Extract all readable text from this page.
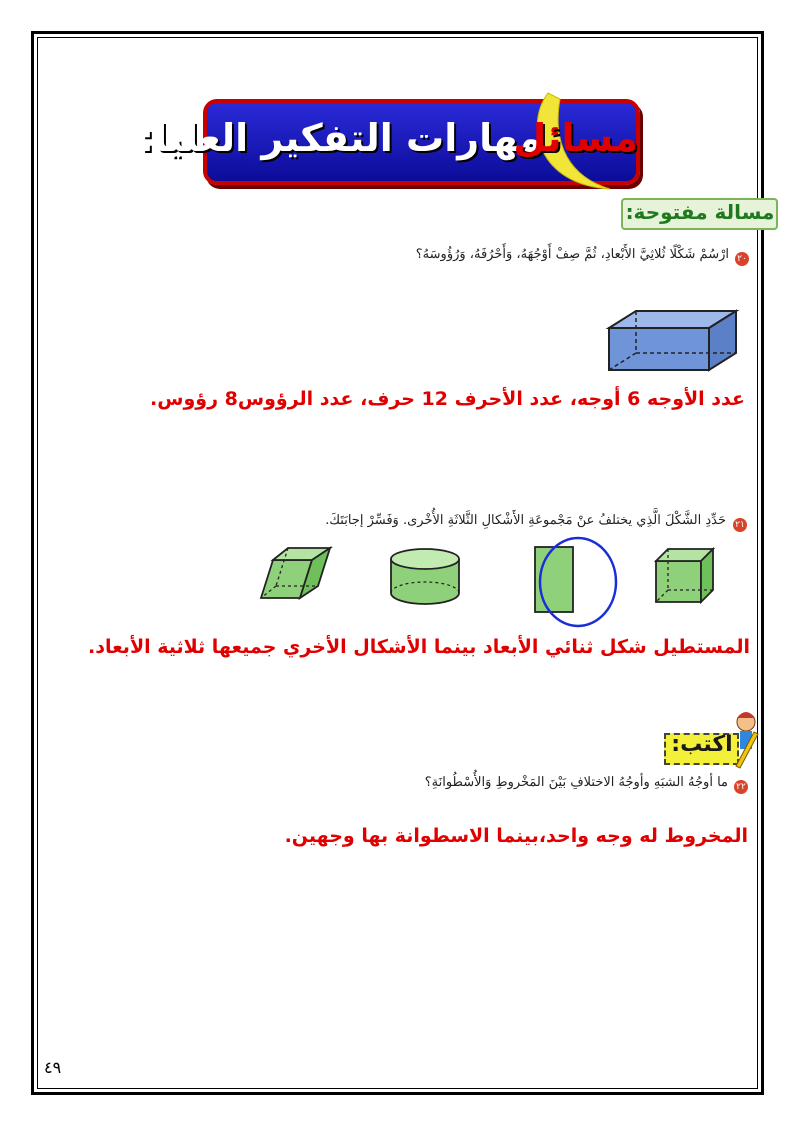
مهارات التفكير العليا:
مسائل
مسالة مفتوحة:
٢٠
ارْسُمْ شَكْلًا ثُلاثِيَّ الأَبْعادِ، ثُمَّ صِفْ أَوْجُهَهُ، وَأَحْرُفَهُ، وَرُؤُوسَهُ؟
عدد الأوجه 6 أوجه، عدد الأحرف 12 حرف، عدد الرؤوس8 رؤوس.
٢١
حَدِّدِ الشَّكْلَ الَّذِي يختلفُ عنْ مَجْموعَةِ الأَشْكالِ الثَّلاثَةِ الأُخْرى. وَفَسِّرْ إجابَتَكَ.
المستطيل شكل ثنائي الأبعاد بينما الأشكال الأخري جميعها ثلاثية الأبعاد.
اكتب:
٢٢
ما أوجُهُ الشبَهِ وأوجُهُ الاختلافِ بَيْنَ المَخْروطِ وَالأُسْطُوانَةِ؟
المخروط له وجه واحد،بينما الاسطوانة بها وجهين.
٤٩
